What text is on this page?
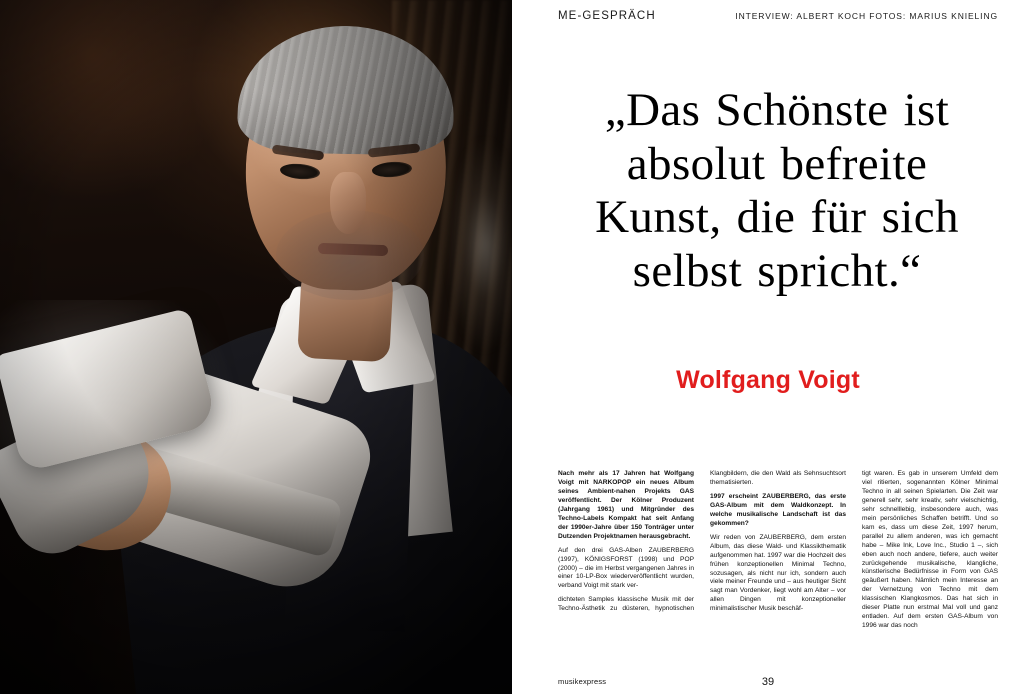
ME-GESPRÄCH	INTERVIEW: ALBERT KOCH FOTOS: MARIUS KNIELING
„Das Schönste ist
absolut befreite
Kunst, die für sich
selbst spricht.“
Wolfgang Voigt

Nach mehr als 17 Jahren hat Wolfgang Voigt mit NARKOPOP ein neues Album seines Ambient-nahen Projekts GAS veröffentlicht. Der Kölner Produzent (Jahrgang 1961) und Mitgründer des Techno-Labels Kompakt hat seit Anfang der 1990er-Jahre über 150 Tonträger unter Dutzenden Projektnamen herausgebracht.

Auf den drei GAS-Alben ZAUBERBERG (1997), KÖNIGSFORST (1998) und POP (2000) – die im Herbst vergangenen Jahres in einer 10-LP-Box wiederveröffentlicht wurden, verband Voigt mit stark ver-

dichteten Samples klassische Musik mit der Techno-Ästhetik zu düsteren, hypnotischen Klangbildern, die den Wald als Sehnsuchtsort thematisierten.

1997 erscheint ZAUBERBERG, das erste GAS-Album mit dem Waldkonzept. In welche musikalische Landschaft ist das gekommen?

Wir reden von ZAUBERBERG, dem ersten Album, das diese Wald- und Klassikthematik aufgenommen hat. 1997 war die Hochzeit des frühen konzeptionellen Minimal Techno, sozusagen, als nicht nur ich, sondern auch viele meiner Freunde und – aus heutiger Sicht sagt man Vordenker, liegt wohl am Alter – vor allen Dingen mit konzeptioneller minimalistischer Musik beschäf-

tigt waren. Es gab in unserem Umfeld dem viel ritierten, sogenannten Kölner Minimal Techno in all seinen Spielarten. Die Zeit war generell sehr, sehr kreativ, sehr vielschichtig, sehr schnelllebig, insbesondere auch, was mein persönliches Schaffen betrifft. Und so kam es, dass um diese Zeit, 1997 herum, parallel zu allem anderen, was ich gemacht habe – Mike Ink, Love Inc., Studio 1 –, sich eben auch noch andere, tiefere, auch weiter zurückgehende musikalische, klangliche, künstlerische Bedürfnisse in Form von GAS geäußert haben. Nämlich mein Interesse an der Vernetzung von Techno mit dem klassischen Klangkosmos. Das hat sich in dieser Platte nun erstmal Mal voll und ganz entladen. Auf dem ersten GAS-Album von 1996 war das noch

musikexpress	39
